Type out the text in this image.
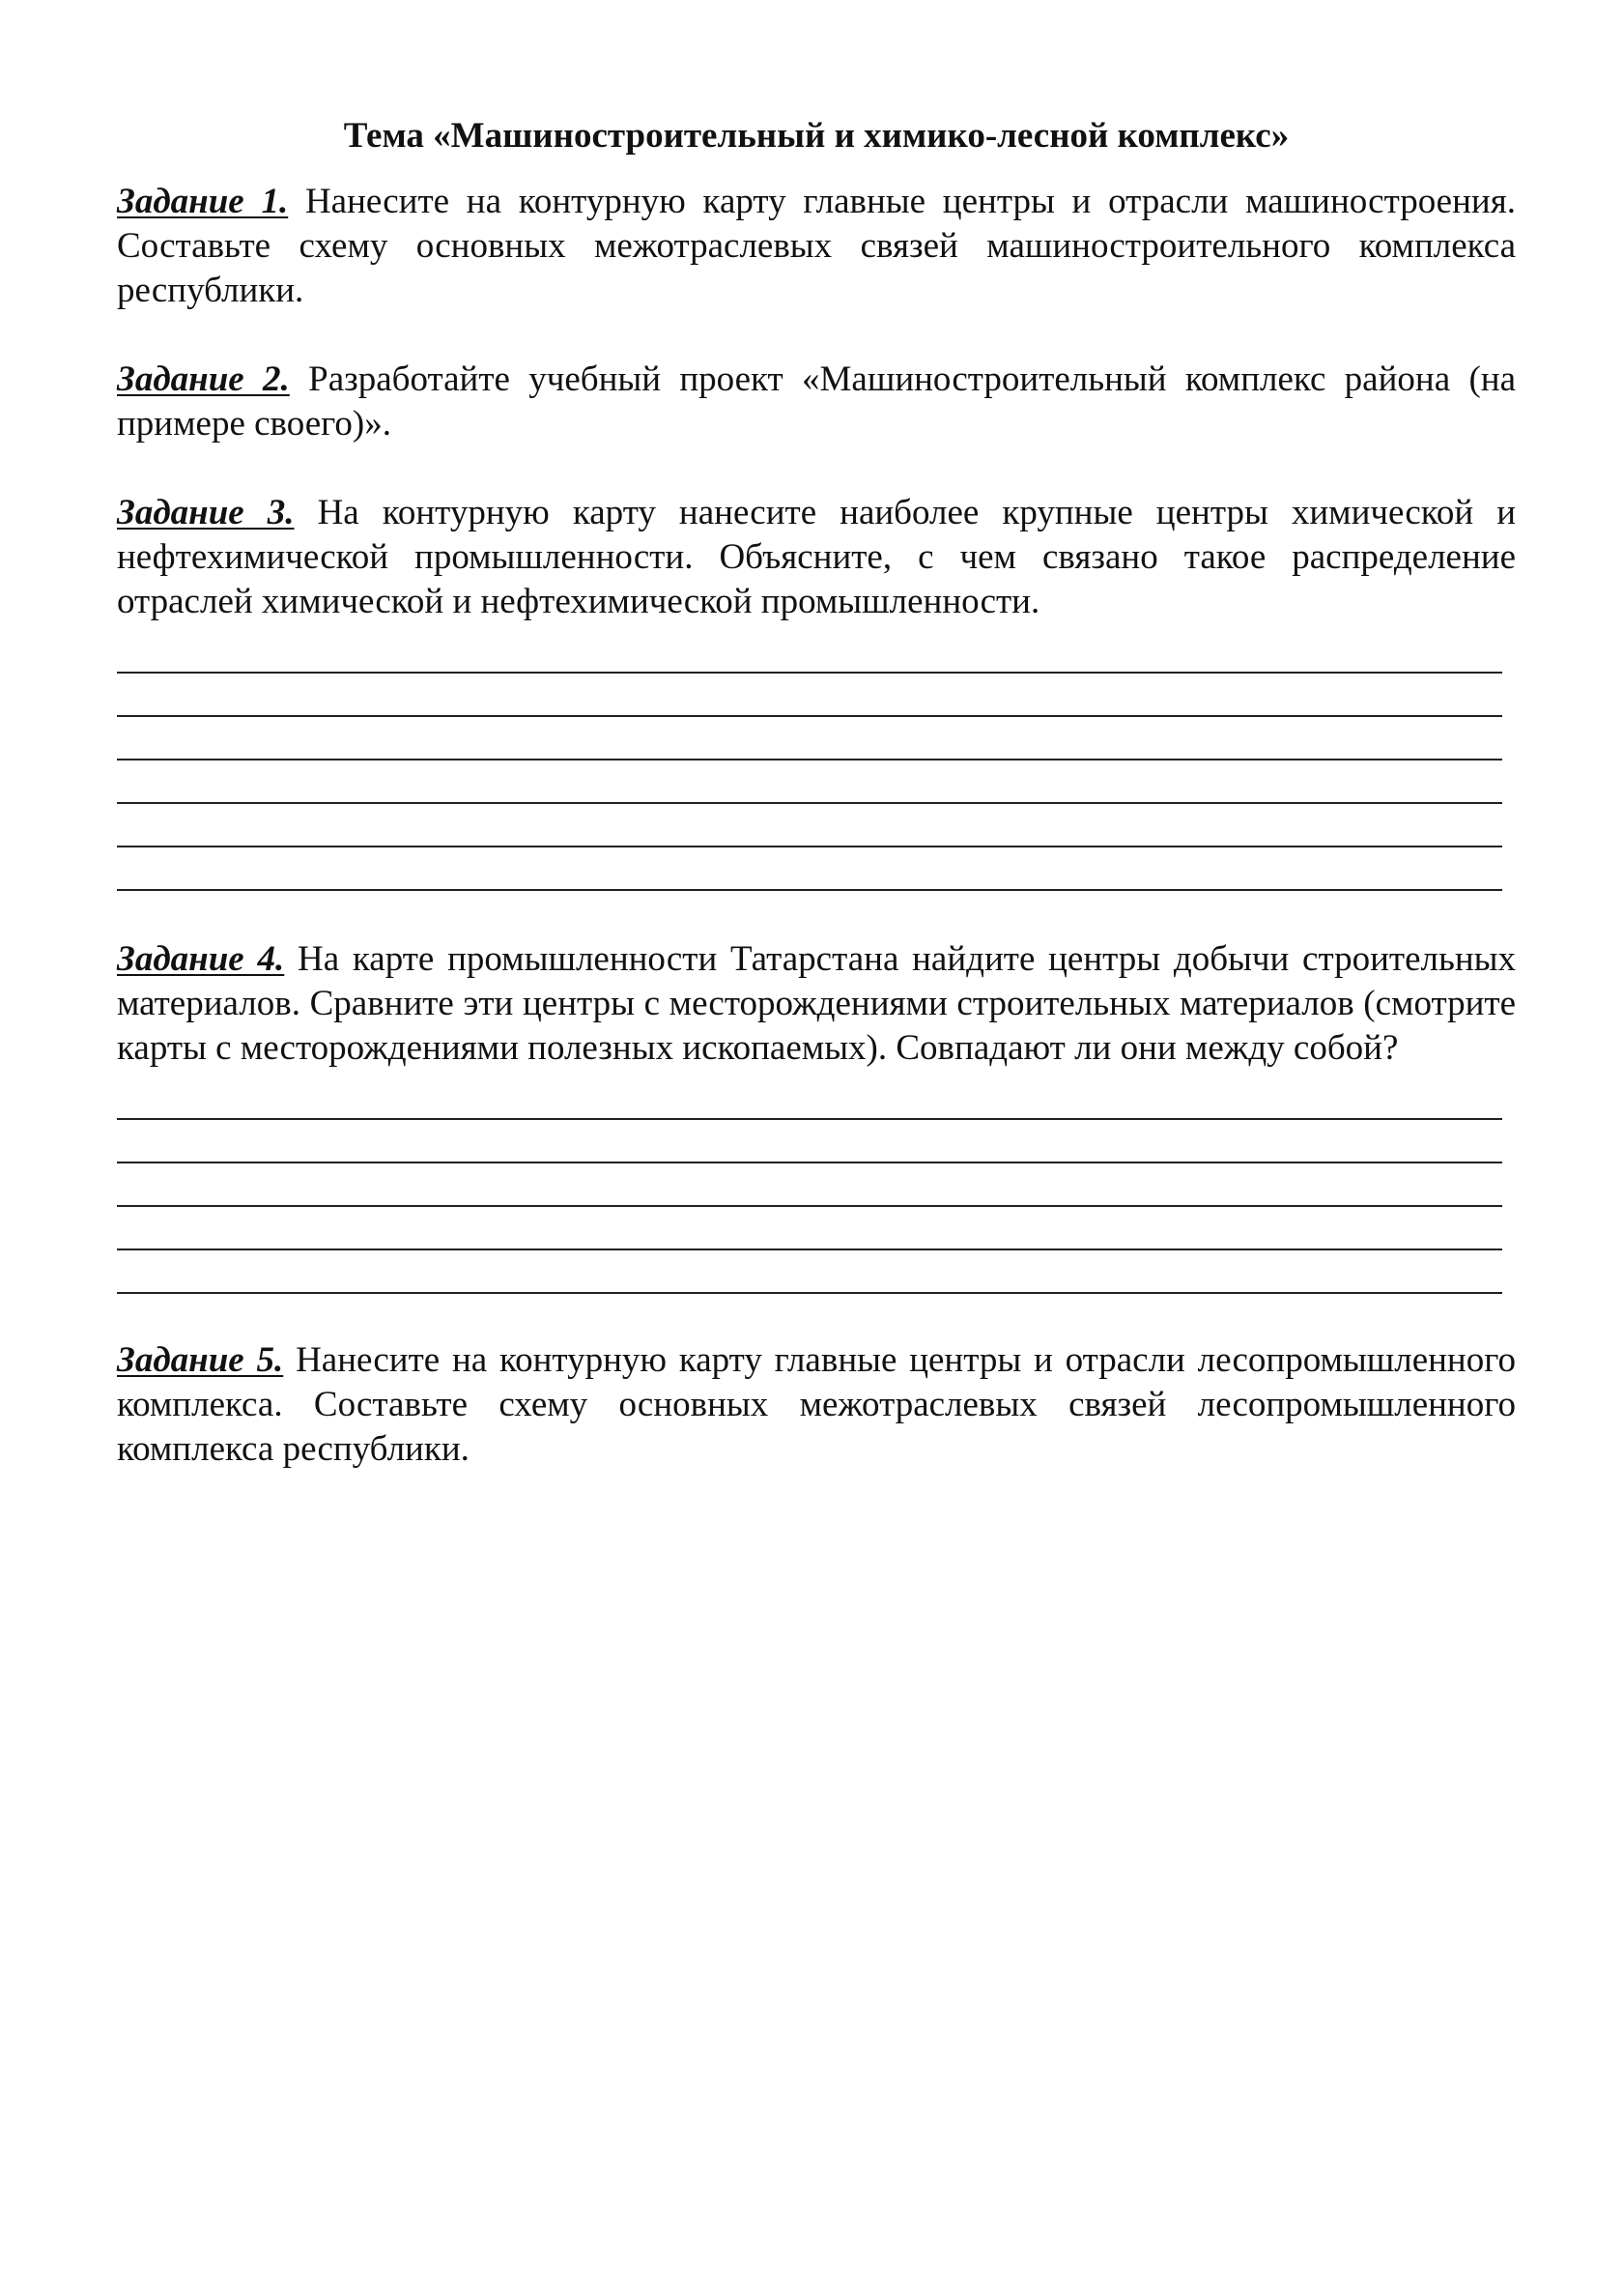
Тема «Машиностроительный и химико-лесной комплекс»

Задание 1. Нанесите на контурную карту главные центры и отрасли машиностроения. Составьте схему основных межотраслевых связей машиностроительного комплекса республики.

Задание 2. Разработайте учебный проект «Машиностроительный комплекс района (на примере своего)».

Задание 3. На контурную карту нанесите наиболее крупные центры химической и нефтехимической промышленности. Объясните, с чем связано такое распределение отраслей химической и нефтехимической промышленности.

Задание 4. На карте промышленности Татарстана найдите центры добычи строительных материалов. Сравните эти центры с месторождениями строительных материалов (смотрите карты с месторождениями полезных ископаемых). Совпадают ли они между собой?

Задание 5. Нанесите на контурную карту главные центры и отрасли лесопромышленного комплекса. Составьте схему основных межотраслевых связей лесопромышленного комплекса республики.
